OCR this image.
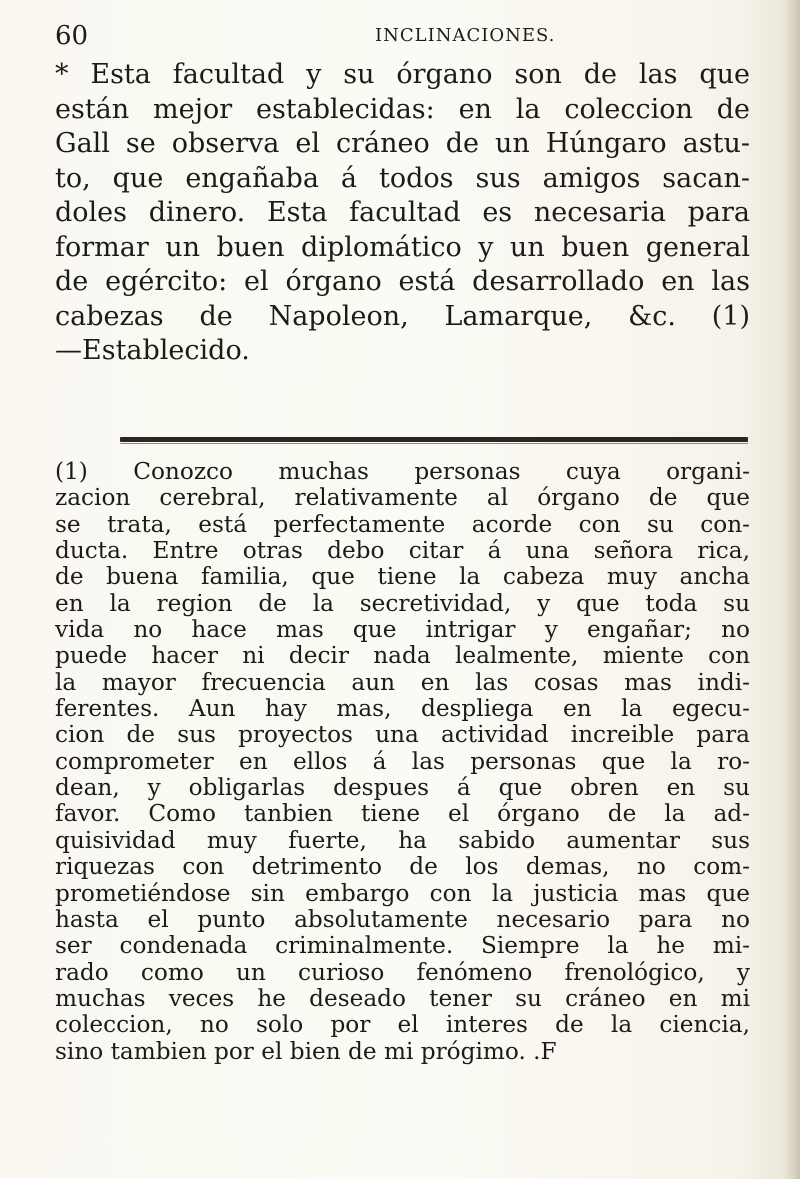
60	INCLINACIONES.

* Esta facultad y su órgano son de las que
están mejor establecidas: en la coleccion de
Gall se observa el cráneo de un Húngaro astu-
to, que engañaba á todos sus amigos sacan-
doles dinero. Esta facultad es necesaria para
formar un buen diplomático y un buen general
de egército: el órgano está desarrollado en las
cabezas de Napoleon, Lamarque, &c. (1)
—Establecido.

(1) Conozco muchas personas cuya organi-
zacion cerebral, relativamente al órgano de que
se trata, está perfectamente acorde con su con-
ducta. Entre otras debo citar á una señora rica,
de buena familia, que tiene la cabeza muy ancha
en la region de la secretividad, y que toda su
vida no hace mas que intrigar y engañar; no
puede hacer ni decir nada lealmente, miente con
la mayor frecuencia aun en las cosas mas indi-
ferentes. Aun hay mas, despliega en la egecu-
cion de sus proyectos una actividad increible para
comprometer en ellos á las personas que la ro-
dean, y obligarlas despues á que obren en su
favor. Como tanbien tiene el órgano de la ad-
quisividad muy fuerte, ha sabido aumentar sus
riquezas con detrimento de los demas, no com-
prometiéndose sin embargo con la justicia mas que
hasta el punto absolutamente necesario para no
ser condenada criminalmente. Siempre la he mi-
rado como un curioso fenómeno frenológico, y
muchas veces he deseado tener su cráneo en mi
coleccion, no solo por el interes de la ciencia,
sino tambien por el bien de mi prógimo. .F
